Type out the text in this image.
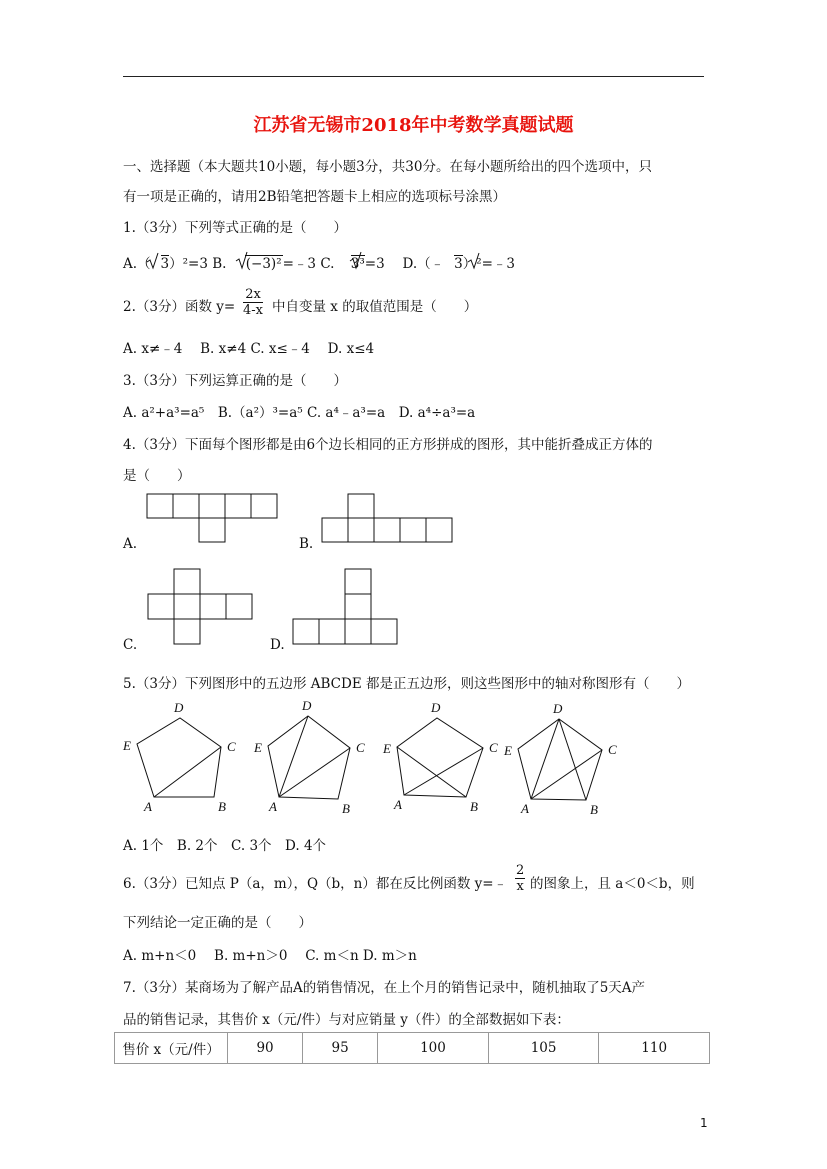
江苏省无锡市2018年中考数学真题试题
一、选择题（本大题共10小题，每小题3分，共30分。在每小题所给出的四个选项中，只
有一项是正确的，请用2B铅笔把答题卡上相应的选项标号涂黑）
1.（3分）下列等式正确的是（　　）
A.（ 3）²=3 B. (−3)²=﹣3 C. 3³=3　 D.（﹣ 3）²=﹣3
2.（3分）函数 $y= \frac{2x}{4-x}$ 中自变量 x 的取值范围是（　　）
A. x≠﹣4　 B. x≠4 C. x≤﹣4　 D. x≤4
3.（3分）下列运算正确的是（　　）
A. a²+a³=a⁵　B.（a²）³=a⁵ C. a⁴﹣a³=a　D. a⁴÷a³=a
4.（3分）下面每个图形都是由6个边长相同的正方形拼成的图形，其中能折叠成正方体的
是（　　）
A.	B.
C.	D.
5.（3分）下列图形中的五边形 ABCDE 都是正五边形，则这些图形中的轴对称图形有（　　）
A	B
C
D
E
A	B
C
D
E
A	B
C
D
E
A	B
C
D
E
A. 1个　B. 2个　C. 3个　D. 4个
6.（3分）已知点 P（a，m），Q（b，n）都在反比例函数 y=﹣ $\frac{2}{x}$ 的图象上，且 a＜0＜b，则
下列结论一定正确的是（　　）
A. m+n＜0　 B. m+n＞0　 C. m＜n D. m＞n
7.（3分）某商场为了解产品A的销售情况，在上个月的销售记录中，随机抽取了5天A产
品的销售记录，其售价 x（元/件）与对应销量 y（件）的全部数据如下表：
售价 x（元/件）	90	95	100	105	110
1
